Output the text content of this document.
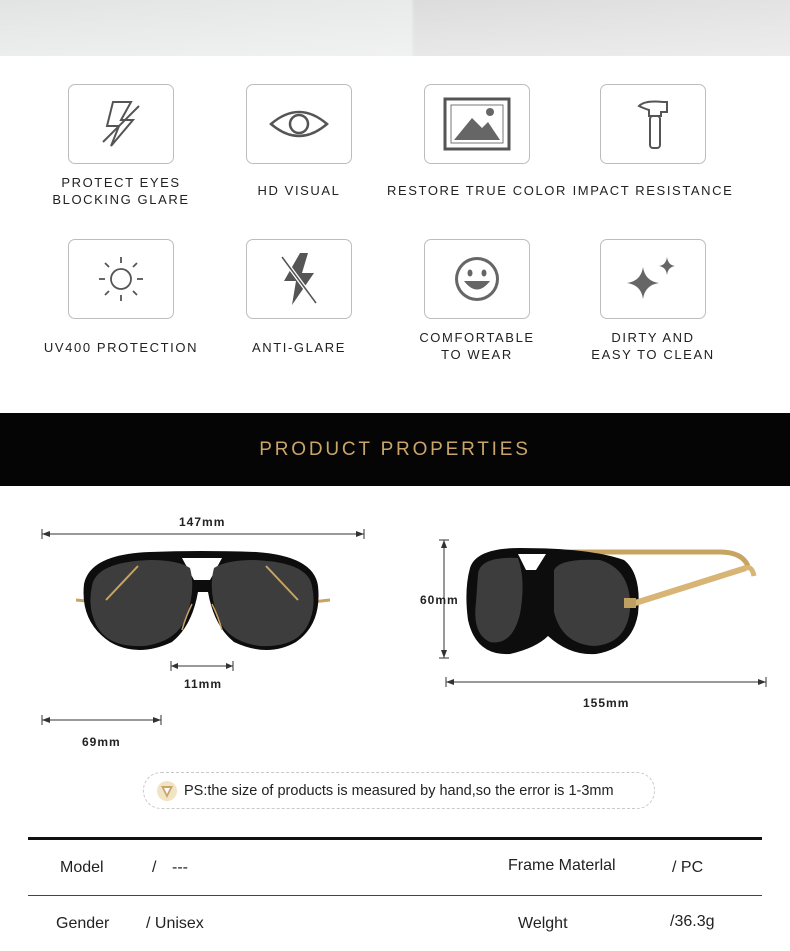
PROTECT EYES
BLOCKING GLARE
HD VISUAL	RESTORE TRUE COLOR IMPACT RESISTANCE
UV400 PROTECTION	ANTI-GLARE
COMFORTABLE
TO WEAR
DIRTY AND
EASY TO CLEAN
PRODUCT PROPERTIES
147mm
11mm
69mm
60mm
155mm
PS:the size of products is measured by hand,so the error is 1-3mm
Model	/ ---	Frame Materlal	/ PC
Gender / Unisex	Welght	/36.3g
